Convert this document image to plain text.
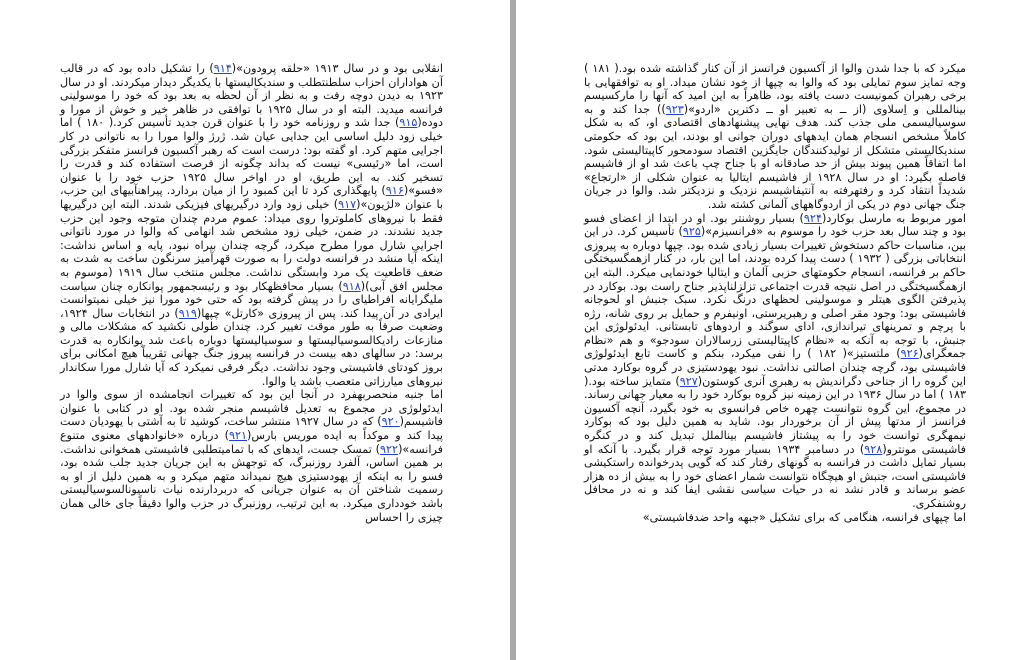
انقلابی بود و در سال ۱۹۱۳ «حلقه پرودون»(۹۱۴) را تشکیل داده بود که در قالب آن هواداران احزاب سلطنتطلب و سندیکالیستها با یکدیگر دیدار میکردند. او در سال ۱۹۲۳ به دیدن دوچه رفت و به نظر از آن لحظه به بعد بود که خود را موسولینی فرانسه میدید. البته او در سال ۱۹۲۵ با توافقی در ظاهر خیر و خوش از مورا و دوده(۹۱۵) جدا شد و روزنامه خود را با عنوان قرن جدید تأسیس کرد.( ۱۸۰ ) اما خیلی زود دلیل اساسی این جدایی عیان شد. ژرژ والوا مورا را به ناتوانی در کار اجرایی متهم کرد. او گفته بود: درست است که رهبر آکسیون فرانسز متفکر بزرگی است، اما «رئیسی» نیست که بداند چگونه از فرصت استفاده کند و قدرت را تسخیر کند. به این طریق، او در اواخر سال ۱۹۲۵ حزب خود را با عنوان «فسو»(۹۱۶) پایهگذاری کرد تا این کمبود را از میان بردارد. پیراهنآبیهای این حزب، با عنوان «لژیون»(۹۱۷) خیلی زود وارد درگیریهای فیزیکی شدند. البته این درگیریها فقط با نیروهای کاملوتروا روی میداد: عموم مردم چندان متوجه وجود این حزب جدید نشدند. در ضمن، خیلی زود مشخص شد انهامی که والوا در مورد ناتوانی اجرایی شارل مورا مطرح میکرد، گرچه چندان بیراه نبود، پایه و اساس نداشت: اینکه آیا منشد در فرانسه دولت را به صورت قهرآمیز سرنگون ساخت به شدت به ضعف قاطعیت یک مرد وابستگی نداشت. مجلس منتخب سال ۱۹۱۹ (موسوم به مجلس افق آبی)(۹۱۸) بسیار محافظهکار بود و رئیسجمهور پوانکاره چنان سیاست ملیگرایانه افراطیای را در پیش گرفته بود که حتی خود مورا نیز خیلی نمیتوانست ایرادی در آن پیدا کند. پس از پیروزی «کارتل» چپها(۹۱۹) در انتخابات سال ۱۹۲۴، وضعیت صرفاً به طور موقت تغییر کرد. چندان طولی نکشید که مشکلات مالی و منازعات رادیکالسوسیالیستها و سوسیالیستها دوباره باعث شد پوانکاره به قدرت برسد: در سالهای دهه بیست در فرانسه پیروز جنگ جهانی تقریباً هیچ امکانی برای بروز کودتای فاشیستی وجود نداشت. دیگر فرقی نمیکرد که آیا شارل مورا سکاندار نیروهای میارزاتی متعصب باشد یا والوا.

اما جنبه منحصربهفرد در آنجا این بود که تغییرات انجامشده از سوی والوا در ایدئولوژی در مجموع به تعدیل فاشیسم منجر شده بود. او در کتابی با عنوان فاشیسم(۹۲۰) که در سال ۱۹۲۷ منتشر ساخت، کوشید تا به آشتی با یهودیان دست پیدا کند و موکداً به ایده موریس بارس(۹۲۱) درباره «خانوادههای معنوی متنوع فرانسه»(۹۲۲) تمسک جست، ایدهای که با تمامیتطلبی فاشیستی همخوانی نداشت. بر همین اساس، آلفرد روزنبرگ، که توجهش به این جریان جدید جلب شده بود، فسو را به اینکه از یهودستیزی هیچ نمیداند متهم میکرد و به همین دلیل از او به رسمیت شناختن آن به عنوان جریانی که دربردارنده نیات ناسیونالسوسیالیستی باشد خودداری میکرد. به این ترتیب، روزنبرگ در حزب والوا دقیقاً جای خالی همان چیزی را احساس

میکرد که با جدا شدن والوا از آکسیون فرانسز از آن کنار گذاشته شده بود.( ۱۸۱ ) وجه تمایز سوم تمایلی بود که والوا به چپها از خود نشان میداد. او به توافقهایی با برخی رهبران کمونیست دست یافته بود، ظاهراً به این امید که آنها را مارکسیسم بینالمللی و اِسلاوی (از ــ به تعبیر او ــ دکترین «اردو»(۹۲۳)) جدا کند و به سوسیالیسمی ملی جذب کند. هدف نهایی پیشنهادهای اقتصادی او، که به شکل کاملاً مشخص انسجام همان ایدههای دوران جوانی او بودند، این بود که حکومتی سندیکالیستی متشکل از تولیدکنندگان جایگزین اقتصاد سودمحور کاپیتالیستی شود. اما اتفاقاً همین پیوند بیش از حد صادقانه او با جناح چپ باعث شد او از فاشیسم فاصله بگیرد: او در سال ۱۹۲۸ از فاشیسم ایتالیا به عنوان شکلی از «ارتجاع» شدیداً انتقاد کرد و رفتهرفته به آنتیفاشیسم نزدیک و نزدیکتر شد. والوا در جریان جنگ جهانی دوم در یکی از اردوگاههای آلمانی کشته شد.

امور مربوط به مارسل بوکارد(۹۲۴) بسیار روشنتر بود. او در ابتدا از اعضای فسو بود و چند سال بعد حزب خود را موسوم به «فرانسیزم»(۹۲۵) تأسیس کرد. در این بین، مناسبات حاکم دستخوش تغییرات بسیار زیادی شده بود. چپها دوباره به پیروزی انتخاباتی بزرگی ( ۱۹۳۲ ) دست پیدا کرده بودند، اما این بار، در کنار ازهمگسیختگی حاکم بر فرانسه، انسجام حکومتهای حزبی آلمان و ایتالیا خودنمایی میکرد. البته این ازهمگسیختگی در اصل نتیجه قدرت اجتماعی تزلزلناپذیر جناح راست بود. بوکارد در پذیرفتن الگوی هیتلر و موسولینی لحظهای درنگ نکرد. سبک جنبش او لحوجانه فاشیستی بود: وجود مقر اصلی و رهبریرستی، اونیفرم و حمایل بر روی شانه، رژه با پرچم و تمرینهای تیراندازی، ادای سوگند و اردوهای تابستانی. ایدئولوژی این جنبش، با توجه به آنکه به «نظام کاپیتالیستی زرسالاران سودجو» و هم «نظام جمعگرای(۹۲۶) ملتستیز»( ۱۸۲ ) را نفی میکرد، بنکم و کاست تابع ایدئولوژی فاشیستی بود، گرچه چندان اصالتی نداشت. نبود یهودستیزی در گروه بوکارد مدتی این گروه را از جناحی دگراندیش به رهبری آنری کوستون(۹۲۷) متمایز ساخته بود.( ۱۸۳ ) اما در سال ۱۹۳۶ در این زمینه نیز گروه بوکارد خود را به معیار جهانی رساند. در مجموع، این گروه نتوانست چهره خاص فرانسوی به خود بگیرد، آنچه آکسیون فرانسز از مدتها پیش از آن برخوردار بود. شاید به همین دلیل بود که بوکارد نیمهگری توانست خود را به پیشتاز فاشیسم بینالملل تبدیل کند و در کنگره فاشیستی مونترو(۹۲۸) در دسامبر ۱۹۳۴ بسیار مورد توجه قرار بگیرد. با آنکه او بسیار تمایل داشت در فرانسه به گونهای رفتار کند که گویی پدرخوانده راستکیشی فاشیستی است، جنبش او هیچگاه نتوانست شمار اعضای خود را به بیش از ده هزار عضو برساند و قادر نشد نه در حیات سیاسی نقشی ایفا کند و نه در محافل روشنفکری.

اما چپهای فرانسه، هنگامی که برای تشکیل «جبهه واحد ضدفاشیستی»
